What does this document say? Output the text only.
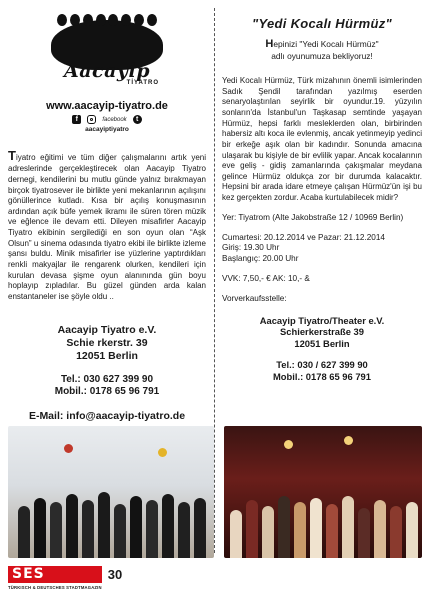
Aacayip
TİYATRO
www.aacayip-tiyatro.de
f	facebook	t
aacayiptiyatro
Tiyatro eğitimi ve tüm diğer çalışmalarını artık yeni adreslerinde gerçekleştirecek olan Aacayip Tiyatro dernegi, kendilerini bu mutlu günde yalnız bırakmayan birçok tiyatrosever ile birlikte yeni mekanlarının açılışını gönüllerince kutladı. Kısa bir açılış konuşmasının ardından açık büfe yemek ikramı ile süren tören müzik ve eğlence ile devam etti. Dileyen misafirler Aacayip Tiyatro ekibinin sergilediği en son oyun olan “Aşk Olsun” u sinema odasında tiyatro ekibi ile birlikte izleme şansı buldu. Minik misafirler ise yüzlerine yaptırdıkları renkli makyajlar ile rengarenk olurken, kendileri için kurulan devasa şişme oyun alanınında gün boyu hoplayıp zıpladılar. Bu güzel günden arda kalan enstantaneler ise şöyle oldu ..
Aacayip Tiyatro e.V.
Schie rkerstr. 39
12051 Berlin
Tel.: 030 627 399 90
Mobil.: 0178 65 96 791
E-Mail: info@aacayip-tiyatro.de
"Yedi Kocalı Hürmüz"
Hepinizi "Yedi Kocalı Hürmüz"
adlı oyunumuza bekliyoruz!
Yedi Kocalı Hürmüz, Türk mizahının önemli isimlerinden Sadık Şendil tarafından yazılmış eserden senaryolaştırılan seyirlik bir oyundur.19. yüzyılın sonların'da İstanbul'un Taşkasap semtinde yaşayan Hürmüz, hepsi farklı mesleklerden olan, birbirinden habersiz altı koca ile evlenmiş, ancak yetinmeyip yedinci bir erkeğe aşık olan bir kadındır. Sonunda amacına ulaşarak bu kişiyle de bir evlilik yapar. Ancak kocalarının eve geliş - gidiş zamanlarında çakışmalar meydana gelince Hürmüz oldukça zor bir durumda kalacaktır. Hepsini bir arada idare etmeye çalışan Hürmüz'ün işi bu kez gerçekten zordur. Acaba kurtulabilecek midir?
Yer: Tiyatrom (Alte Jakobstraße 12 / 10969 Berlin)
Cumartesi: 20.12.2014 ve Pazar: 21.12.2014
Giriş: 19.30 Uhr
Başlangıç: 20.00 Uhr
VVK: 7,50,- € AK: 10,- &
Vorverkaufsstelle:
Aacayip Tiyatro/Theater e.V.
Schierkerstraße 39
12051 Berlin
Tel.: 030 / 627 399 90
Mobil.: 0178 65 96 791
SES
TÜRKISCH & DEUTSCHES STADTMAGAZIN
30
